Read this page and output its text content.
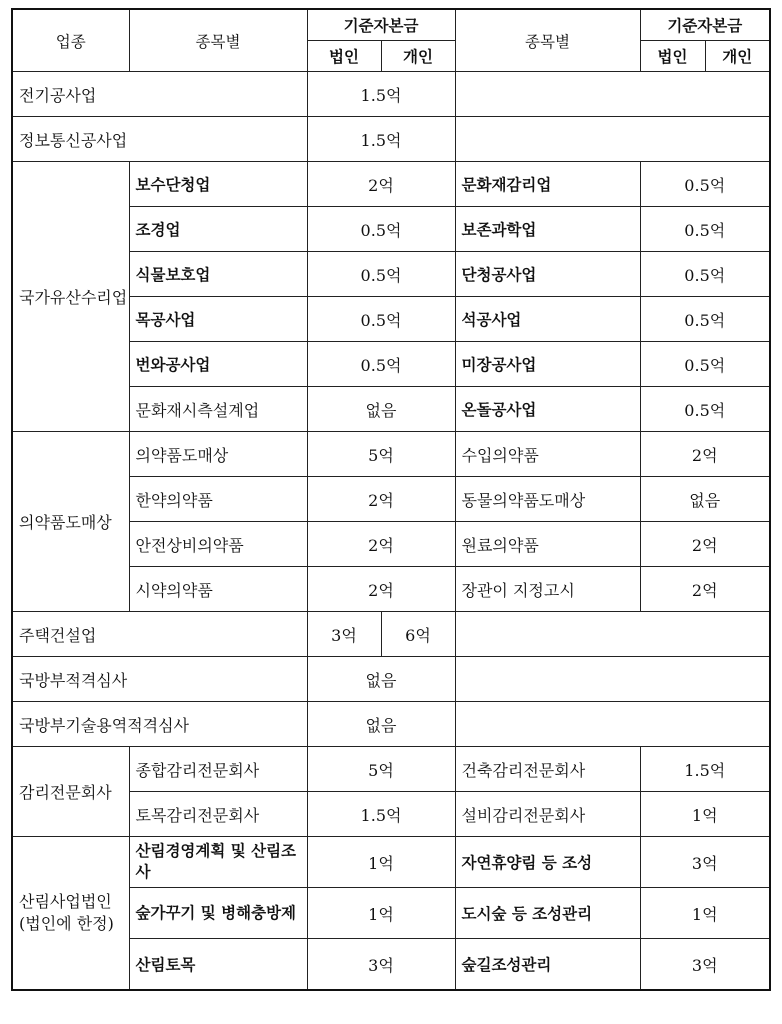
업종	종목별	기준자본금		종목별	기준자본금	
		법인	개인		법인	개인
전기공사업		1.5억				
정보통신공사업		1.5억				
국가유산수리업	보수단청업	2억		문화재감리업	0.5억	
	조경업	0.5억		보존과학업	0.5억	
	식물보호업	0.5억		단청공사업	0.5억	
	목공사업	0.5억		석공사업	0.5억	
	번와공사업	0.5억		미장공사업	0.5억	
	문화재시측설계업	없음		온돌공사업	0.5억	
의약품도매상	의약품도매상	5억		수입의약품	2억	
	한약의약품	2억		동물의약품도매상	없음	
	안전상비의약품	2억		원료의약품	2억	
	시약의약품	2억		장관이 지정고시	2억	
주택건설업		3억	6억			
국방부적격심사		없음				
국방부기술용역적격심사		없음				
감리전문회사	종합감리전문회사	5억		건축감리전문회사	1.5억	
	토목감리전문회사	1.5억		설비감리전문회사	1억	
산림사업법인
(법인에 한정)	산림경영계획 및 산림조사	1억		자연휴양림 등 조성	3억	
	숲가꾸기 및 병해충방제	1억		도시숲 등 조성관리	1억	
	산림토목	3억		숲길조성관리	3억	
